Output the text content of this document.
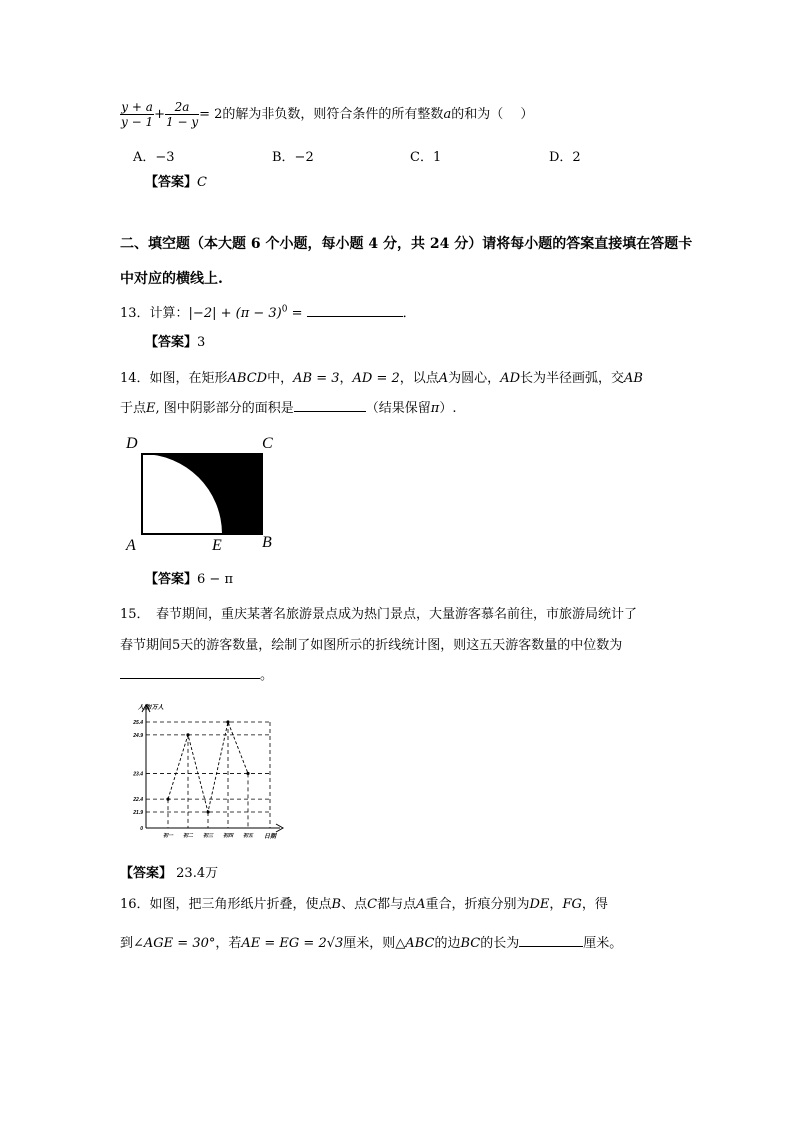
$\frac{y + a}{y - 1} + \frac{2a}{1 - y} = 2$的解为非负数，则符合条件的所有整数a的和为（　 ）
A．−3	B．−2	C．1	D．2
【答案】C
二、填空题（本大题 6 个小题，每小题 4 分，共 24 分）请将每小题的答案直接填在答题卡
中对应的横线上.
13．计算：$|-2| + (\pi - 3)^0$ =	．
【答案】3
14．如图，在矩形ABCD中，AB = 3，AD = 2，以点A为圆心，AD长为半径画弧，交AB
于点E, 图中阴影部分的面积是	（结果保留π）.
D	C
A	E	B
【答案】6 − π
15．　春节期间，重庆某著名旅游景点成为热门景点，大量游客慕名前往，市旅游局统计了
春节期间5天的游客数量，绘制了如图所示的折线统计图，则这五天游客数量的中位数为
。
人数/万人
日期
0
21.9
22.4
23.4
24.9
25.4
初一 初二 初三 初四 初五
【答案】 23.4万
16．如图，把三角形纸片折叠，使点B、点C都与点A重合，折痕分别为DE，FG，得
到∠AGE = 30°，若AE = EG = 2√3厘米，则△ABC的边BC的长为	厘米。
